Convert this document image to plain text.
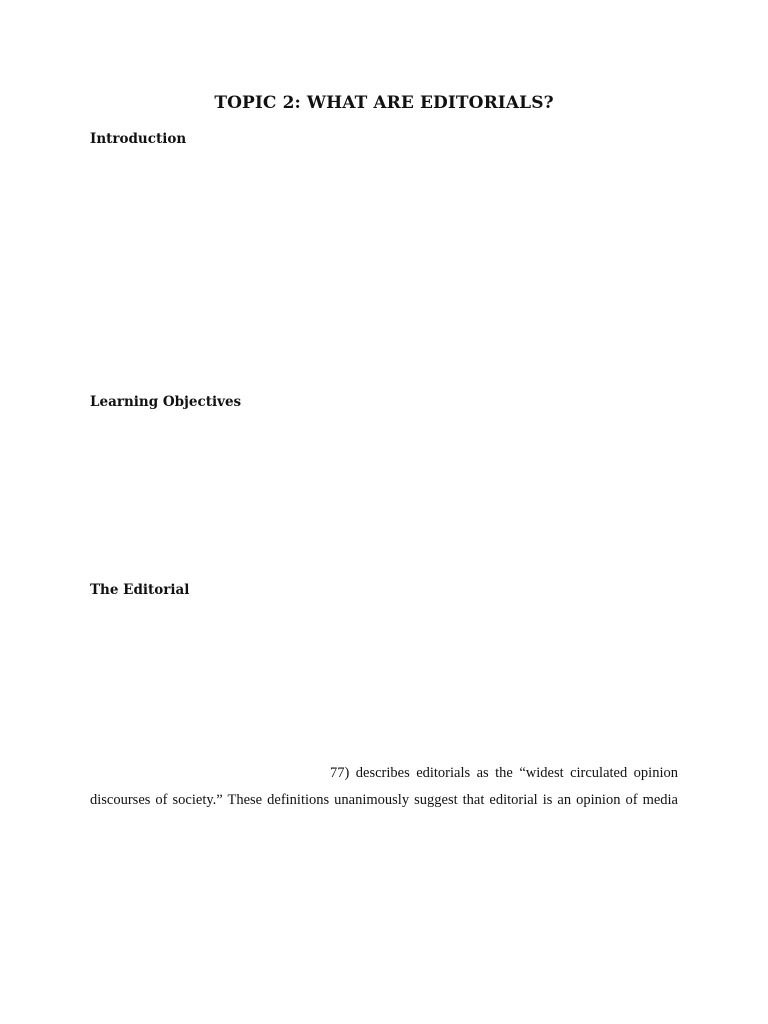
TOPIC 2: WHAT ARE EDITORIALS?
Introduction
Learning Objectives
The Editorial
77) describes editorials as the “widest circulated opinion
discourses of society.” These definitions unanimously suggest that editorial is an opinion of media
